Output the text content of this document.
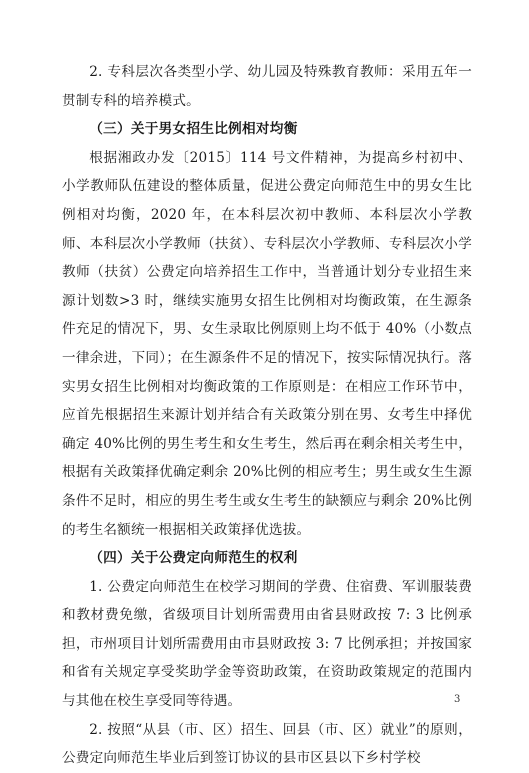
2. 专科层次各类型小学、幼儿园及特殊教育教师：采用五年一贯制专科的培养模式。

（三）关于男女招生比例相对均衡

根据湘政办发〔2015〕114 号文件精神，为提高乡村初中、小学教师队伍建设的整体质量，促进公费定向师范生中的男女生比例相对均衡，2020 年，在本科层次初中教师、本科层次小学教师、本科层次小学教师（扶贫）、专科层次小学教师、专科层次小学教师（扶贫）公费定向培养招生工作中，当普通计划分专业招生来源计划数>3 时，继续实施男女招生比例相对均衡政策，在生源条件充足的情况下，男、女生录取比例原则上均不低于 40%（小数点一律余进，下同）；在生源条件不足的情况下，按实际情况执行。落实男女招生比例相对均衡政策的工作原则是：在相应工作环节中，应首先根据招生来源计划并结合有关政策分别在男、女考生中择优确定 40%比例的男生考生和女生考生，然后再在剩余相关考生中，根据有关政策择优确定剩余 20%比例的相应考生；男生或女生生源条件不足时，相应的男生考生或女生考生的缺额应与剩余 20%比例的考生名额统一根据相关政策择优选拔。

（四）关于公费定向师范生的权利

1. 公费定向师范生在校学习期间的学费、住宿费、军训服装费和教材费免缴，省级项目计划所需费用由省县财政按 7: 3 比例承担，市州项目计划所需费用由市县财政按 3: 7 比例承担；并按国家和省有关规定享受奖助学金等资助政策，在资助政策规定的范围内与其他在校生享受同等待遇。

2. 按照“从县（市、区）招生、回县（市、区）就业”的原则，公费定向师范生毕业后到签订协议的县市区县以下乡村学校

3
